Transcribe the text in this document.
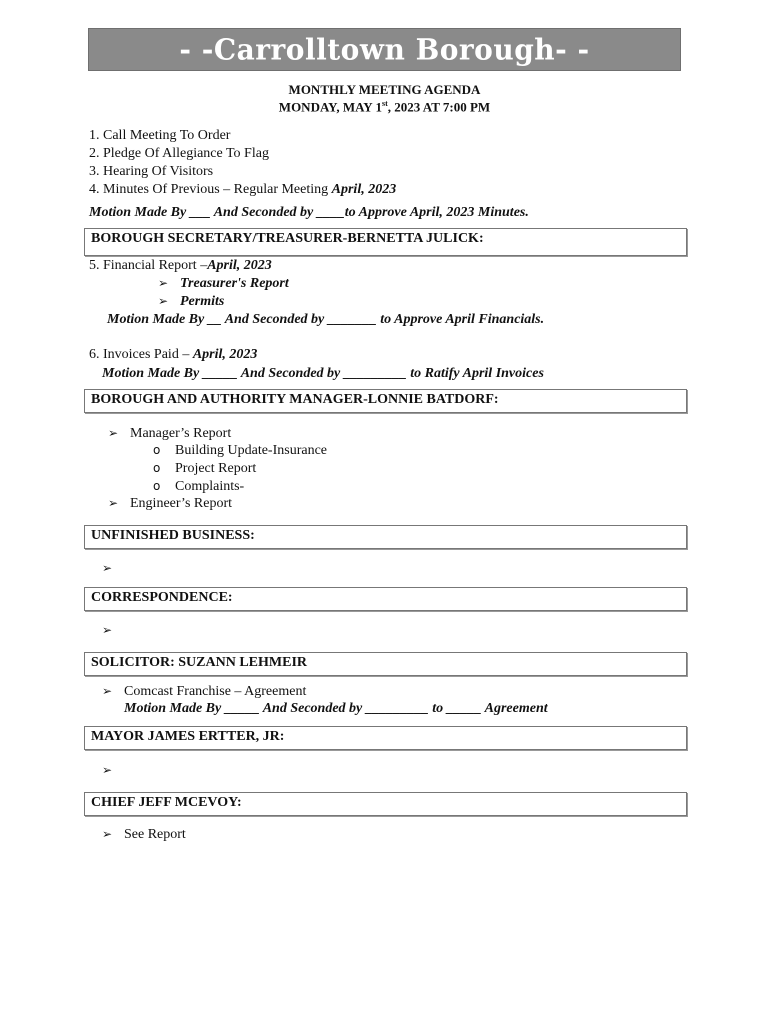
- -Carrolltown Borough- -
MONTHLY MEETING AGENDA
MONDAY, MAY 1st, 2023 AT 7:00 PM
1. Call Meeting To Order
2. Pledge Of Allegiance To Flag
3. Hearing Of Visitors
4. Minutes Of Previous – Regular Meeting April, 2023
Motion Made By ___ And Seconded by ____to Approve April, 2023 Minutes.
BOROUGH SECRETARY/TREASURER-BERNETTA JULICK:
5. Financial Report –April, 2023
➢ Treasurer's Report
➢ Permits
Motion Made By __ And Seconded by _______ to Approve April Financials.
6. Invoices Paid – April, 2023
Motion Made By _____ And Seconded by _________ to Ratify April Invoices
BOROUGH AND AUTHORITY MANAGER-LONNIE BATDORF:
➢ Manager’s Report
o Building Update-Insurance
o Project Report
o Complaints-
➢ Engineer’s Report
UNFINISHED BUSINESS:
➢
CORRESPONDENCE:
➢
SOLICITOR: SUZANN LEHMEIR
➢ Comcast Franchise – Agreement
Motion Made By _____ And Seconded by _________ to _____ Agreement
MAYOR JAMES ERTTER, JR:
➢
CHIEF JEFF MCEVOY:
➢ See Report
